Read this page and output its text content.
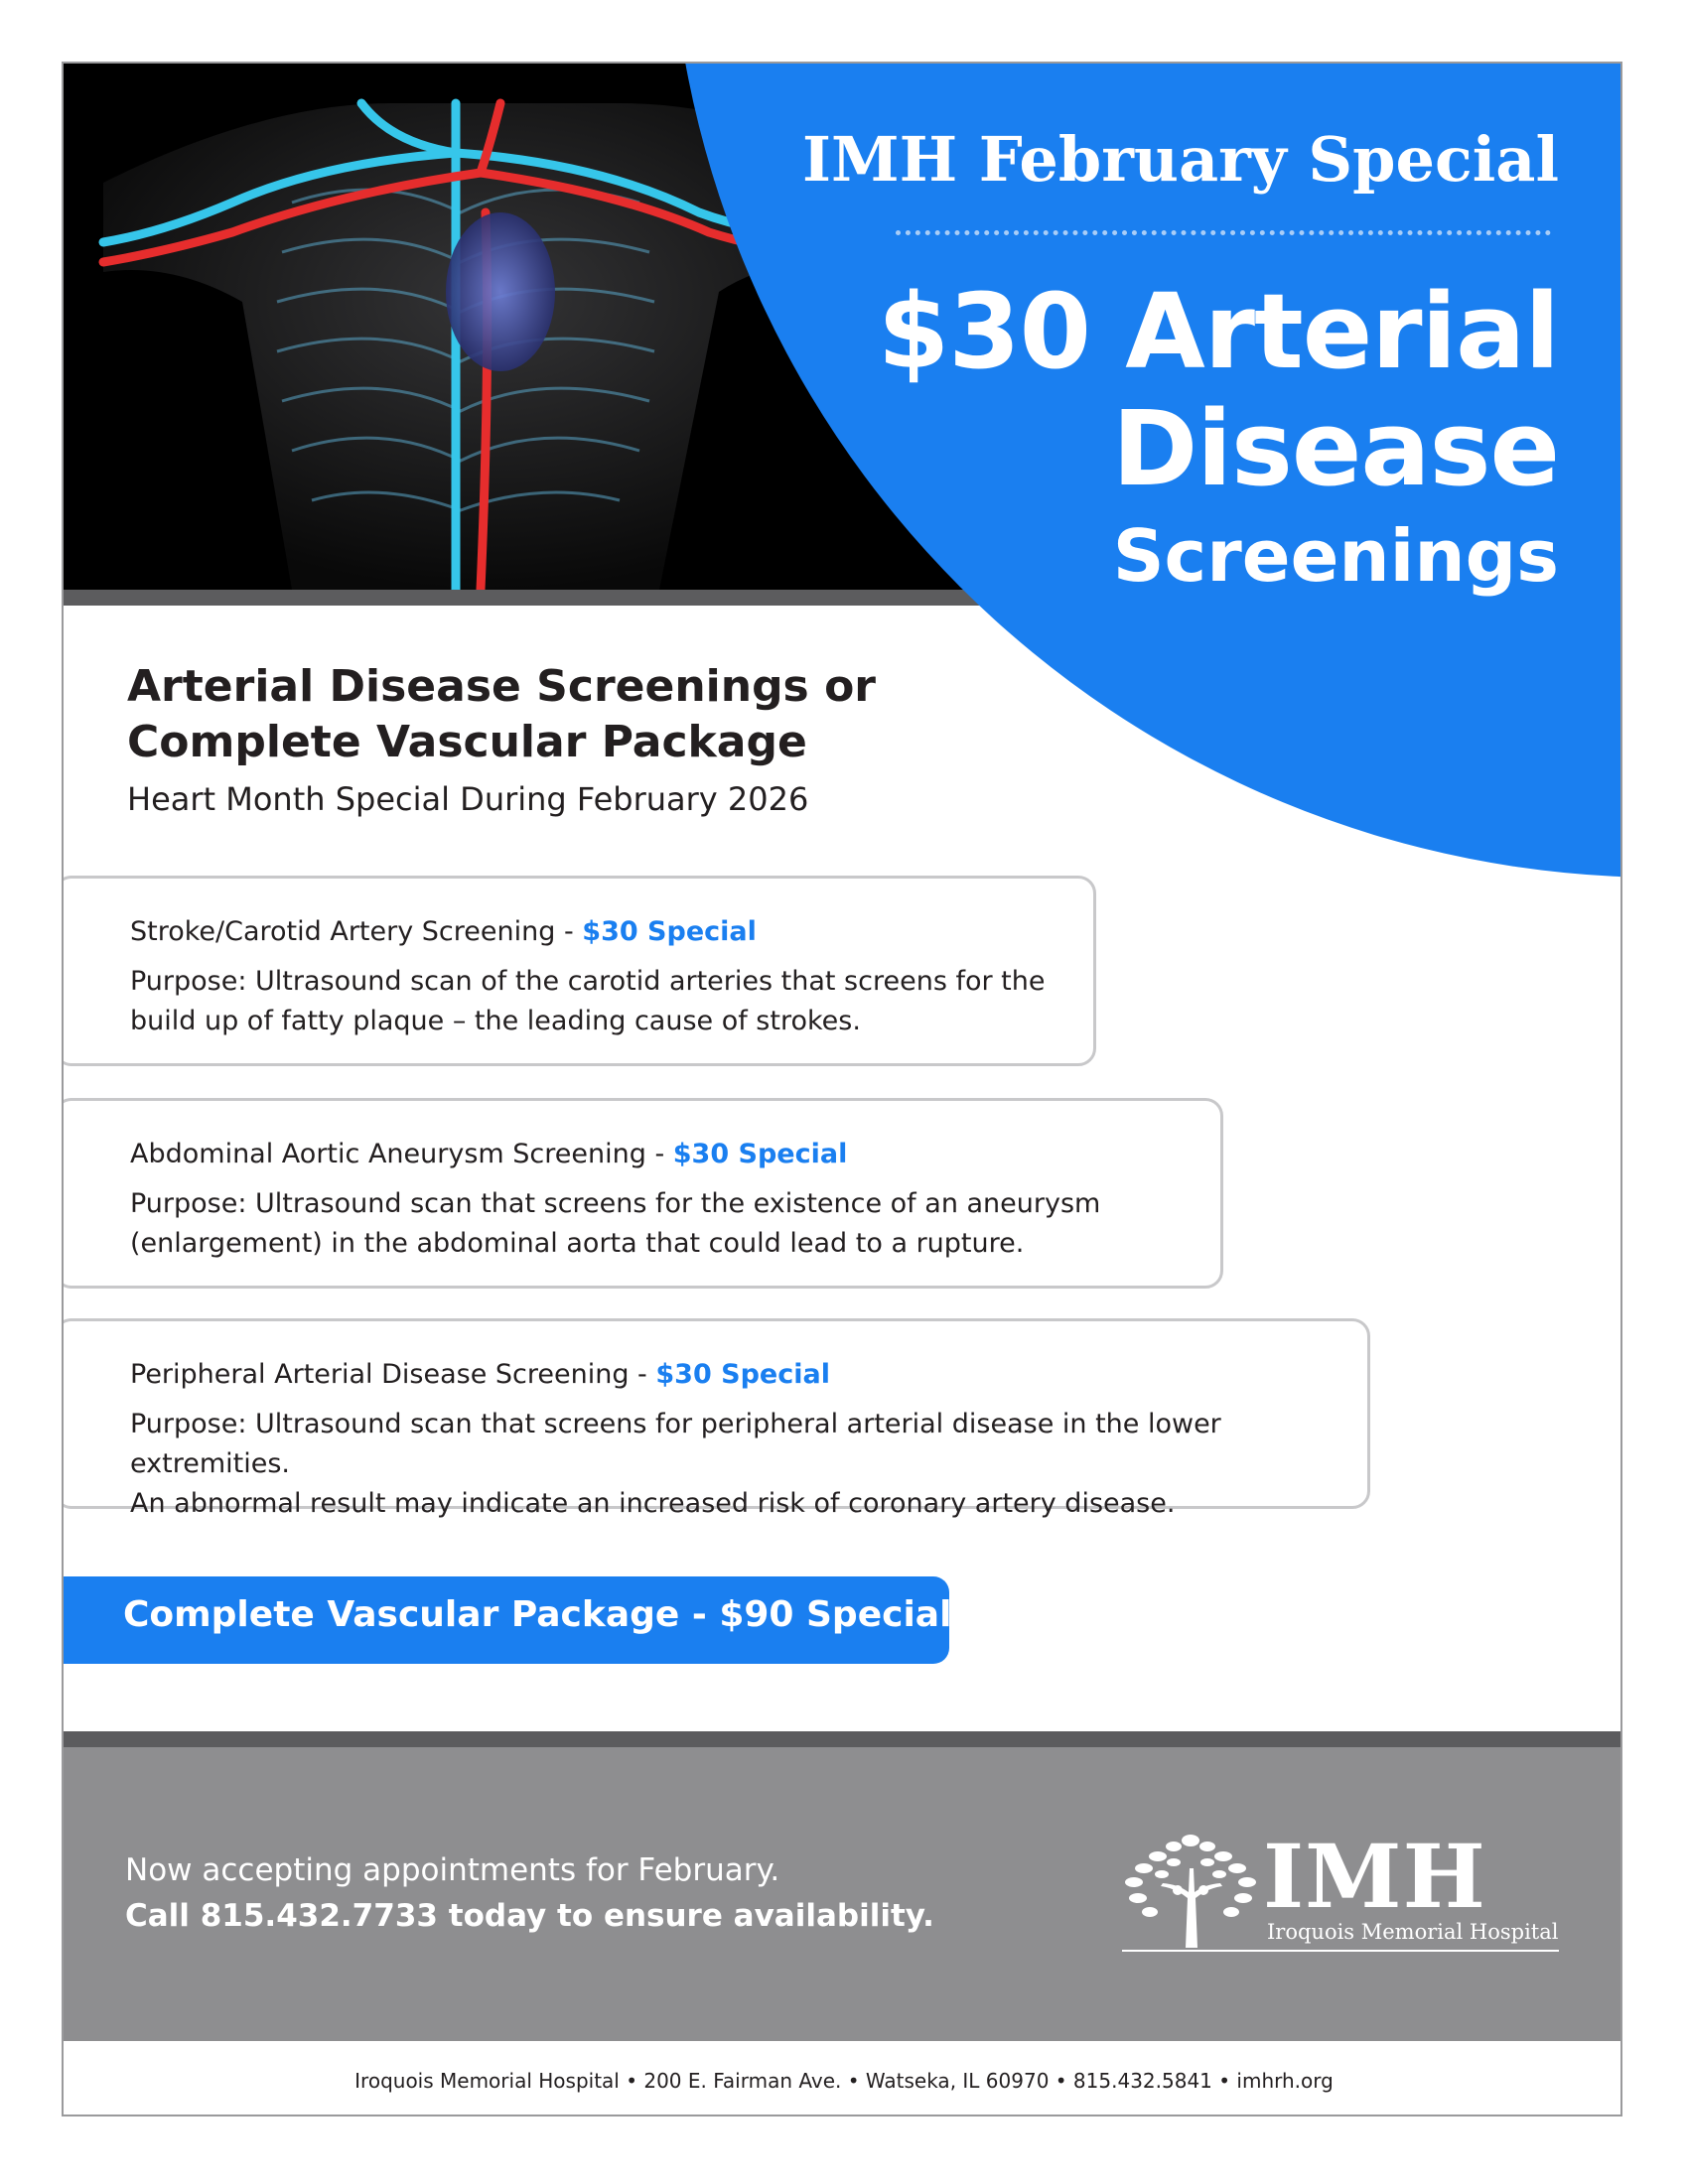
IMH February Special
$30 Arterial
Disease
Screenings
Arterial Disease Screenings or
Complete Vascular Package
Heart Month Special During February 2026
Stroke/Carotid Artery Screening - $30 Special
Purpose: Ultrasound scan of the carotid arteries that screens for the
build up of fatty plaque – the leading cause of strokes.
Abdominal Aortic Aneurysm Screening - $30 Special
Purpose: Ultrasound scan that screens for the existence of an aneurysm
(enlargement) in the abdominal aorta that could lead to a rupture.
Peripheral Arterial Disease Screening - $30 Special
Purpose: Ultrasound scan that screens for peripheral arterial disease in the lower extremities.
An abnormal result may indicate an increased risk of coronary artery disease.
Complete Vascular Package - $90 Special
Now accepting appointments for February.
Call 815.432.7733 today to ensure availability.	IMH
Iroquois Memorial Hospital
Iroquois Memorial Hospital • 200 E. Fairman Ave. • Watseka, IL 60970 • 815.432.5841 • imhrh.org
